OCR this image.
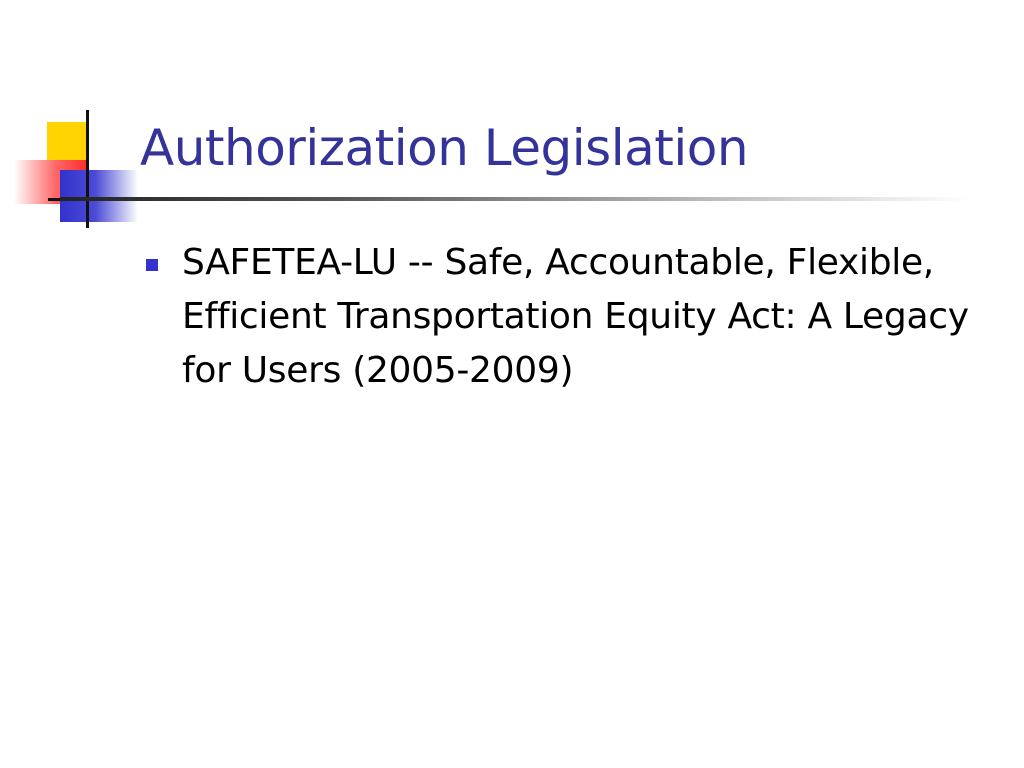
Authorization Legislation
SAFETEA-LU -- Safe, Accountable, Flexible, Efficient Transportation Equity Act: A Legacy for Users (2005-2009)
